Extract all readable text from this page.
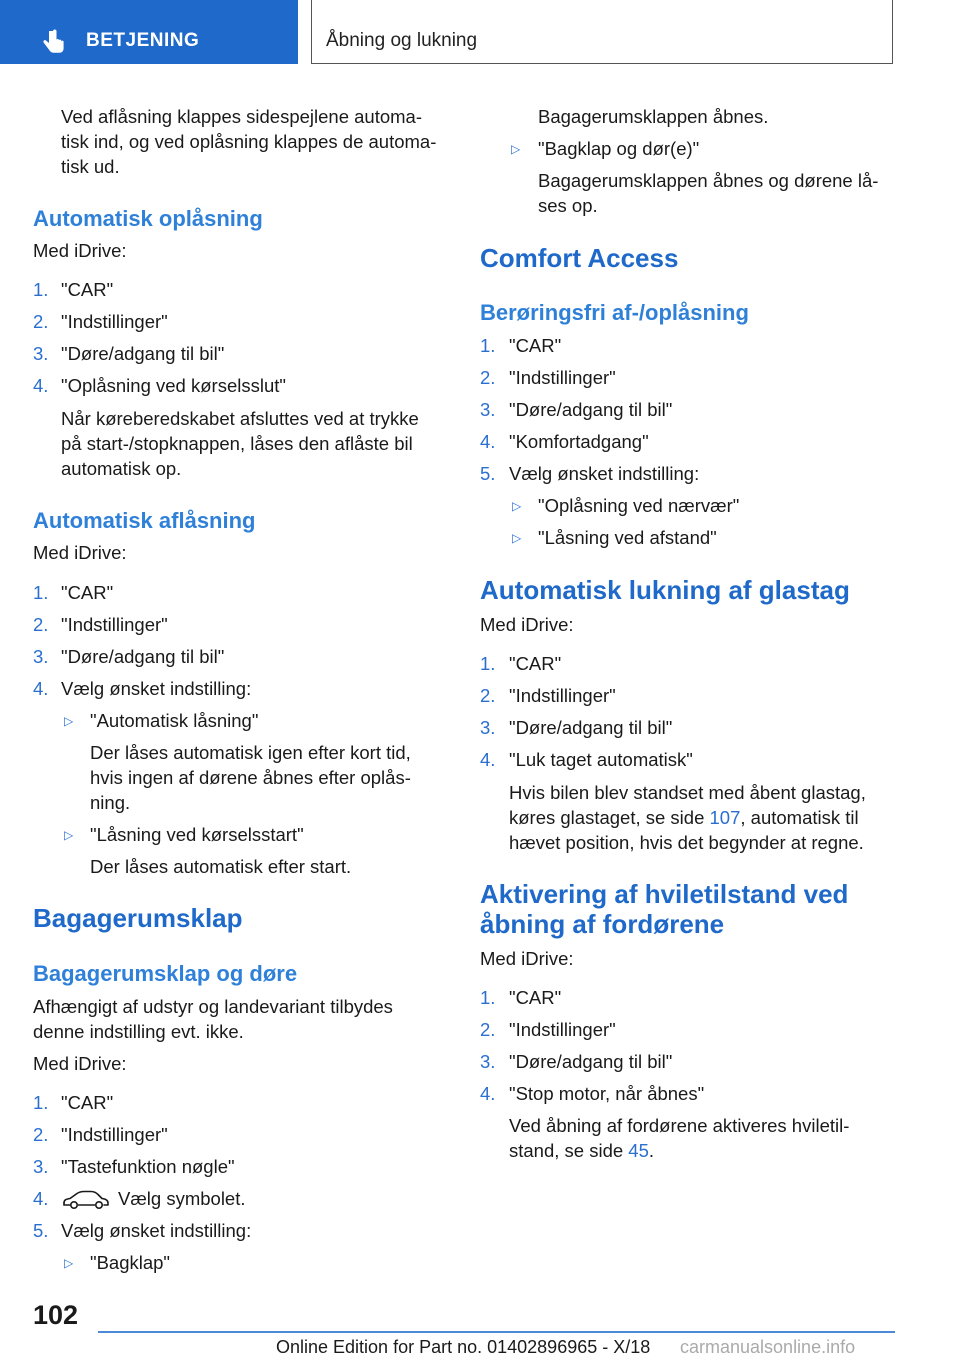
BETJENING	Åbning og lukning
Ved aflåsning klappes sidespejlene automa-
tisk ind, og ved oplåsning klappes de automa-
tisk ud.
Automatisk oplåsning
Med iDrive:
1. "CAR"
2. "Indstillinger"
3. "Døre/adgang til bil"
4. "Oplåsning ved kørselsslut"
Når køreberedskabet afsluttes ved at trykke
på start-/stopknappen, låses den aflåste bil
automatisk op.
Automatisk aflåsning
Med iDrive:
1. "CAR"
2. "Indstillinger"
3. "Døre/adgang til bil"
4. Vælg ønsket indstilling:
▷ "Automatisk låsning"
Der låses automatisk igen efter kort tid,
hvis ingen af dørene åbnes efter oplås-
ning.
▷ "Låsning ved kørselsstart"
Der låses automatisk efter start.
Bagagerumsklap
Bagagerumsklap og døre
Afhængigt af udstyr og landevariant tilbydes
denne indstilling evt. ikke.
Med iDrive:
1. "CAR"
2. "Indstillinger"
3. "Tastefunktion nøgle"
4.	Vælg symbolet.
5. Vælg ønsket indstilling:
▷ "Bagklap"
Bagagerumsklappen åbnes.
▷ "Bagklap og dør(e)"
Bagagerumsklappen åbnes og dørene lå-
ses op.
Comfort Access
Berøringsfri af-/oplåsning
1. "CAR"
2. "Indstillinger"
3. "Døre/adgang til bil"
4. "Komfortadgang"
5. Vælg ønsket indstilling:
▷ "Oplåsning ved nærvær"
▷ "Låsning ved afstand"
Automatisk lukning af glastag
Med iDrive:
1. "CAR"
2. "Indstillinger"
3. "Døre/adgang til bil"
4. "Luk taget automatisk"
Hvis bilen blev standset med åbent glastag,
køres glastaget, se side 107, automatisk til
hævet position, hvis det begynder at regne.
Aktivering af hviletilstand ved
åbning af fordørene
Med iDrive:
1. "CAR"
2. "Indstillinger"
3. "Døre/adgang til bil"
4. "Stop motor, når åbnes"
Ved åbning af fordørene aktiveres hviletil-
stand, se side 45.
102
Online Edition for Part no. 01402896965 - X/18 carmanualsonline.info
